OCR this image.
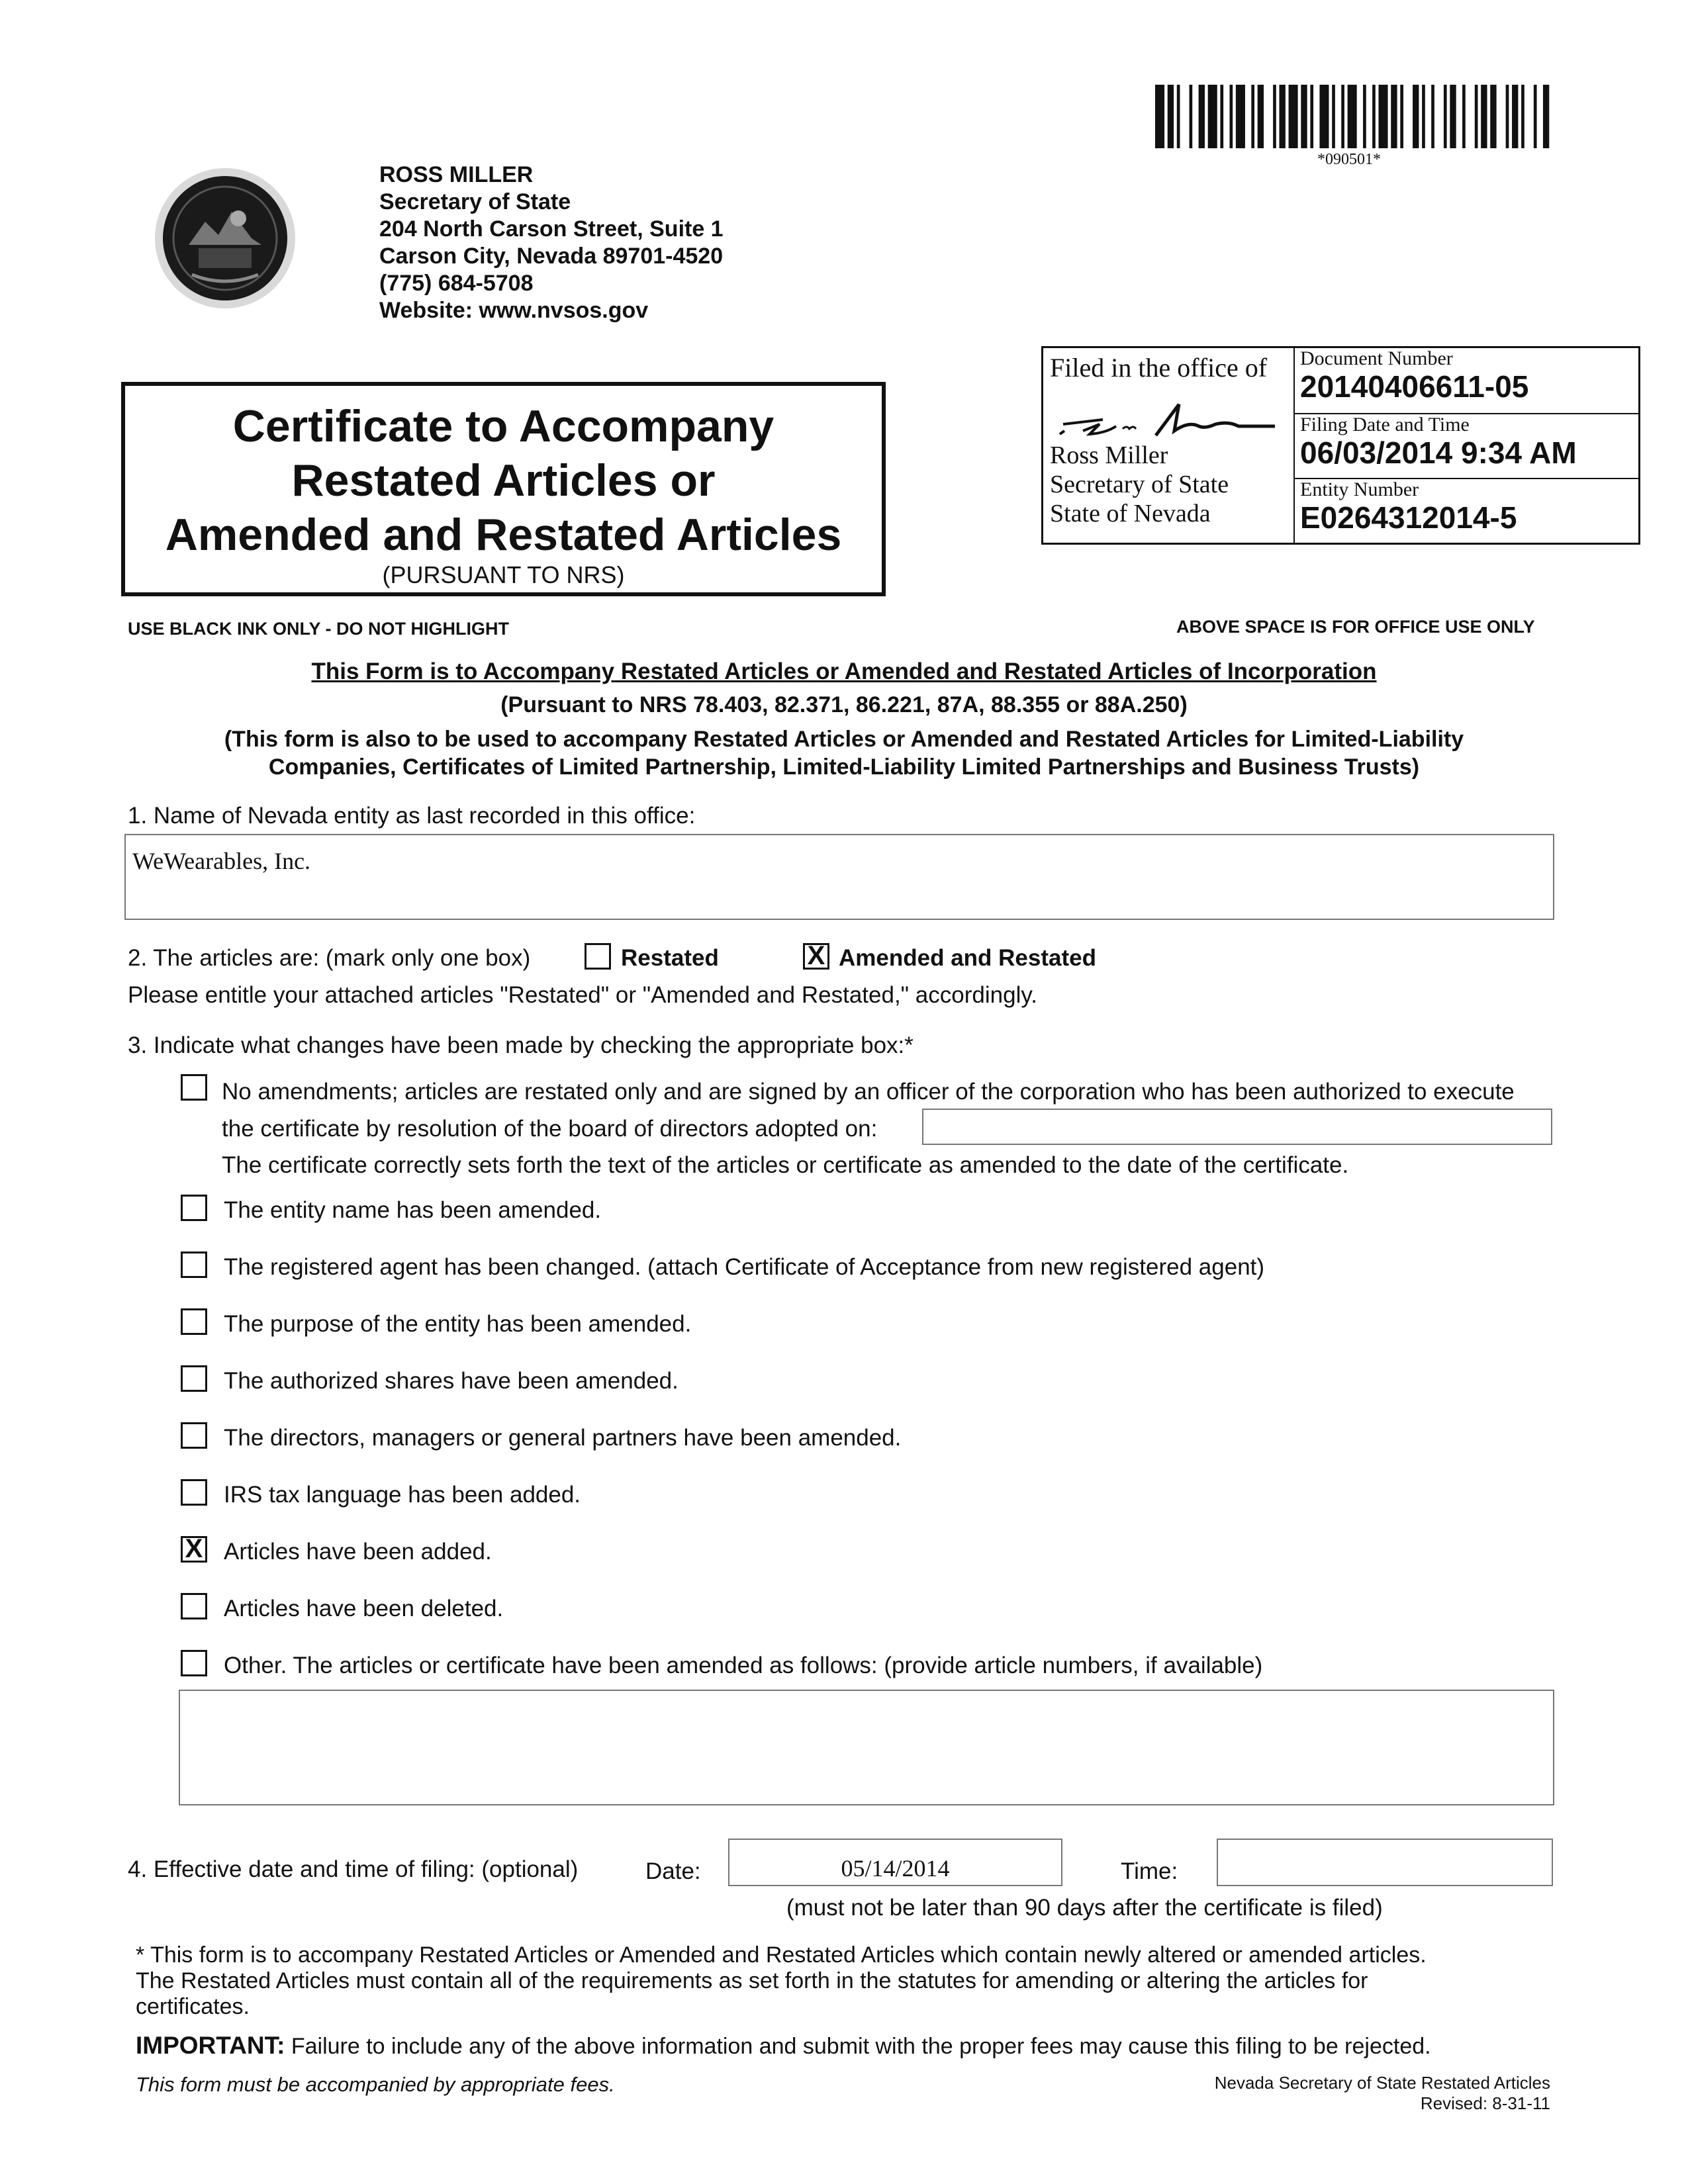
*090501*
ROSS MILLER
Secretary of State
204 North Carson Street, Suite 1
Carson City, Nevada 89701-4520
(775) 684-5708
Website: www.nvsos.gov
Certificate to Accompany
Restated Articles or
Amended and Restated Articles
(PURSUANT TO NRS)
Filed in the office of
Ross Miller
Secretary of State
State of Nevada
Document Number
20140406611-05
Filing Date and Time
06/03/2014 9:34 AM
Entity Number
E0264312014-5
USE BLACK INK ONLY - DO NOT HIGHLIGHT	ABOVE SPACE IS FOR OFFICE USE ONLY
This Form is to Accompany Restated Articles or Amended and Restated Articles of Incorporation
(Pursuant to NRS 78.403, 82.371, 86.221, 87A, 88.355 or 88A.250)
(This form is also to be used to accompany Restated Articles or Amended and Restated Articles for Limited-Liability
Companies, Certificates of Limited Partnership, Limited-Liability Limited Partnerships and Business Trusts)
1. Name of Nevada entity as last recorded in this office:
WeWearables, Inc.
2. The articles are: (mark only one box)	Restated	X Amended and Restated
Please entitle your attached articles "Restated" or "Amended and Restated," accordingly.
3. Indicate what changes have been made by checking the appropriate box:*
No amendments; articles are restated only and are signed by an officer of the corporation who has been authorized to execute
the certificate by resolution of the board of directors adopted on:
The certificate correctly sets forth the text of the articles or certificate as amended to the date of the certificate.
The entity name has been amended.
The registered agent has been changed. (attach Certificate of Acceptance from new registered agent)
The purpose of the entity has been amended.
The authorized shares have been amended.
The directors, managers or general partners have been amended.
IRS tax language has been added.
X Articles have been added.
Articles have been deleted.
Other. The articles or certificate have been amended as follows: (provide article numbers, if available)
4. Effective date and time of filing: (optional)	Date:	05/14/2014	Time:
(must not be later than 90 days after the certificate is filed)
* This form is to accompany Restated Articles or Amended and Restated Articles which contain newly altered or amended articles.
The Restated Articles must contain all of the requirements as set forth in the statutes for amending or altering the articles for
certificates.
IMPORTANT: Failure to include any of the above information and submit with the proper fees may cause this filing to be rejected.
This form must be accompanied by appropriate fees.	Nevada Secretary of State Restated Articles
Revised: 8-31-11
